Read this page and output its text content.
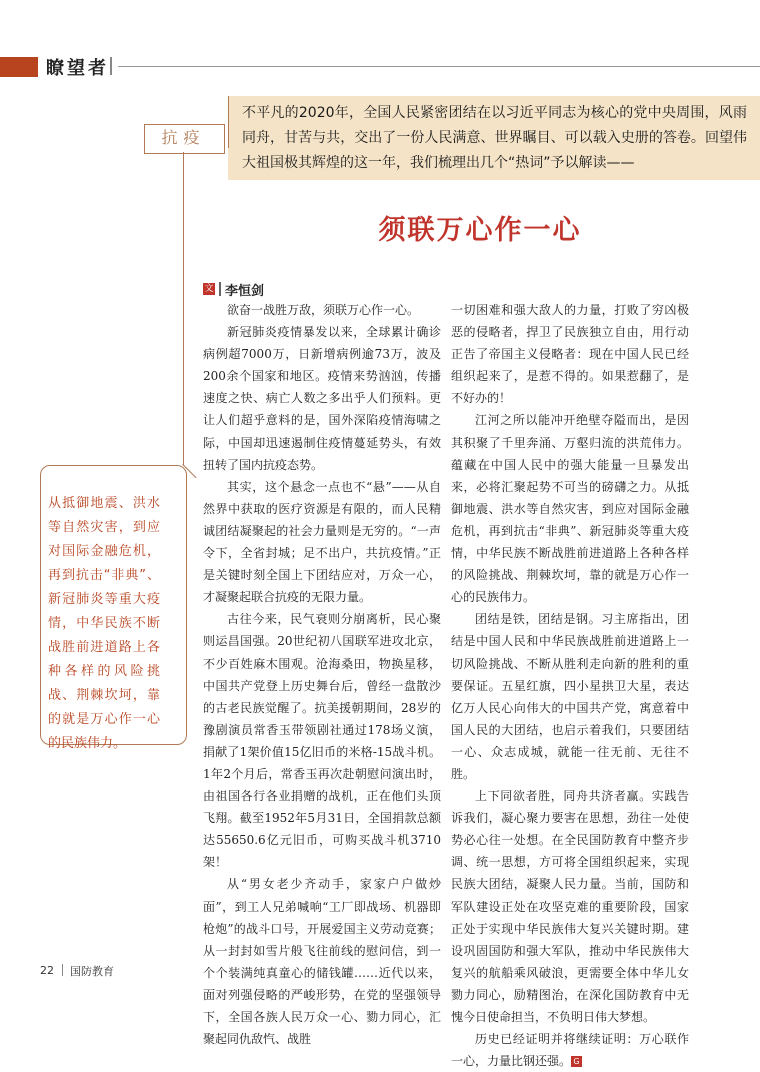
瞭望者
不平凡的2020年，全国人民紧密团结在以习近平同志为核心的党中央周围，风雨同舟，甘苦与共，交出了一份人民满意、世界瞩目、可以载入史册的答卷。回望伟大祖国极其辉煌的这一年，我们梳理出几个“热词”予以解读——
抗疫
须联万心作一心
文 李恒剑

欲奋一战胜万敌，须联万心作一心。

新冠肺炎疫情暴发以来，全球累计确诊病例超7000万，日新增病例逾73万，波及200余个国家和地区。疫情来势汹汹，传播速度之快、病亡人数之多出乎人们预料。更让人们超乎意料的是，国外深陷疫情海啸之际，中国却迅速遏制住疫情蔓延势头，有效扭转了国内抗疫态势。

其实，这个悬念一点也不“悬”——从自然界中获取的医疗资源是有限的，而人民精诚团结凝聚起的社会力量则是无穷的。“一声令下，全省封城；足不出户，共抗疫情。”正是关键时刻全国上下团结应对，万众一心，才凝聚起联合抗疫的无限力量。

古往今来，民气衰则分崩离析，民心聚则运昌国强。20世纪初八国联军进攻北京，不少百姓麻木围观。沧海桑田，物换星移，中国共产党登上历史舞台后，曾经一盘散沙的古老民族觉醒了。抗美援朝期间，28岁的豫剧演员常香玉带领剧社通过178场义演，捐献了1架价值15亿旧币的米格-15战斗机。1年2个月后，常香玉再次赴朝慰问演出时，由祖国各行各业捐赠的战机，正在他们头顶飞翔。截至1952年5月31日，全国捐款总额达55650.6亿元旧币，可购买战斗机3710架！

从“男女老少齐动手，家家户户做炒面”，到工人兄弟喊响“工厂即战场、机器即枪炮”的战斗口号，开展爱国主义劳动竞赛；从一封封如雪片般飞往前线的慰问信，到一个个装满纯真童心的储钱罐……近代以来，面对列强侵略的严峻形势，在党的坚强领导下，全国各族人民万众一心、勠力同心，汇聚起同仇敌忾、战胜

一切困难和强大敌人的力量，打败了穷凶极恶的侵略者，捍卫了民族独立自由，用行动正告了帝国主义侵略者：现在中国人民已经组织起来了，是惹不得的。如果惹翻了，是不好办的！

江河之所以能冲开绝壁夺隘而出，是因其积聚了千里奔涌、万壑归流的洪荒伟力。蕴藏在中国人民中的强大能量一旦暴发出来，必将汇聚起势不可当的磅礴之力。从抵御地震、洪水等自然灾害，到应对国际金融危机，再到抗击“非典”、新冠肺炎等重大疫情，中华民族不断战胜前进道路上各种各样的风险挑战、荆棘坎坷，靠的就是万心作一心的民族伟力。

团结是铁，团结是钢。习主席指出，团结是中国人民和中华民族战胜前进道路上一切风险挑战、不断从胜利走向新的胜利的重要保证。五星红旗，四小星拱卫大星，表达亿万人民心向伟大的中国共产党，寓意着中国人民的大团结，也启示着我们，只要团结一心、众志成城，就能一往无前、无往不胜。

上下同欲者胜，同舟共济者赢。实践告诉我们，凝心聚力要害在思想，劲往一处使势必心往一处想。在全民国防教育中整齐步调、统一思想，方可将全国组织起来，实现民族大团结，凝聚人民力量。当前，国防和军队建设正处在攻坚克难的重要阶段，国家正处于实现中华民族伟大复兴关键时期。建设巩固国防和强大军队，推动中华民族伟大复兴的航船乘风破浪，更需要全体中华儿女勠力同心，励精图治，在深化国防教育中无愧今日使命担当，不负明日伟大梦想。

历史已经证明并将继续证明：万心联作一心，力量比钢还强。 G

从抵御地震、洪水等自然灾害，到应对国际金融危机，再到抗击“非典”、新冠肺炎等重大疫情，中华民族不断战胜前进道路上各种各样的风险挑战、荆棘坎坷，靠的就是万心作一心的民族伟力。
22 国防教育
